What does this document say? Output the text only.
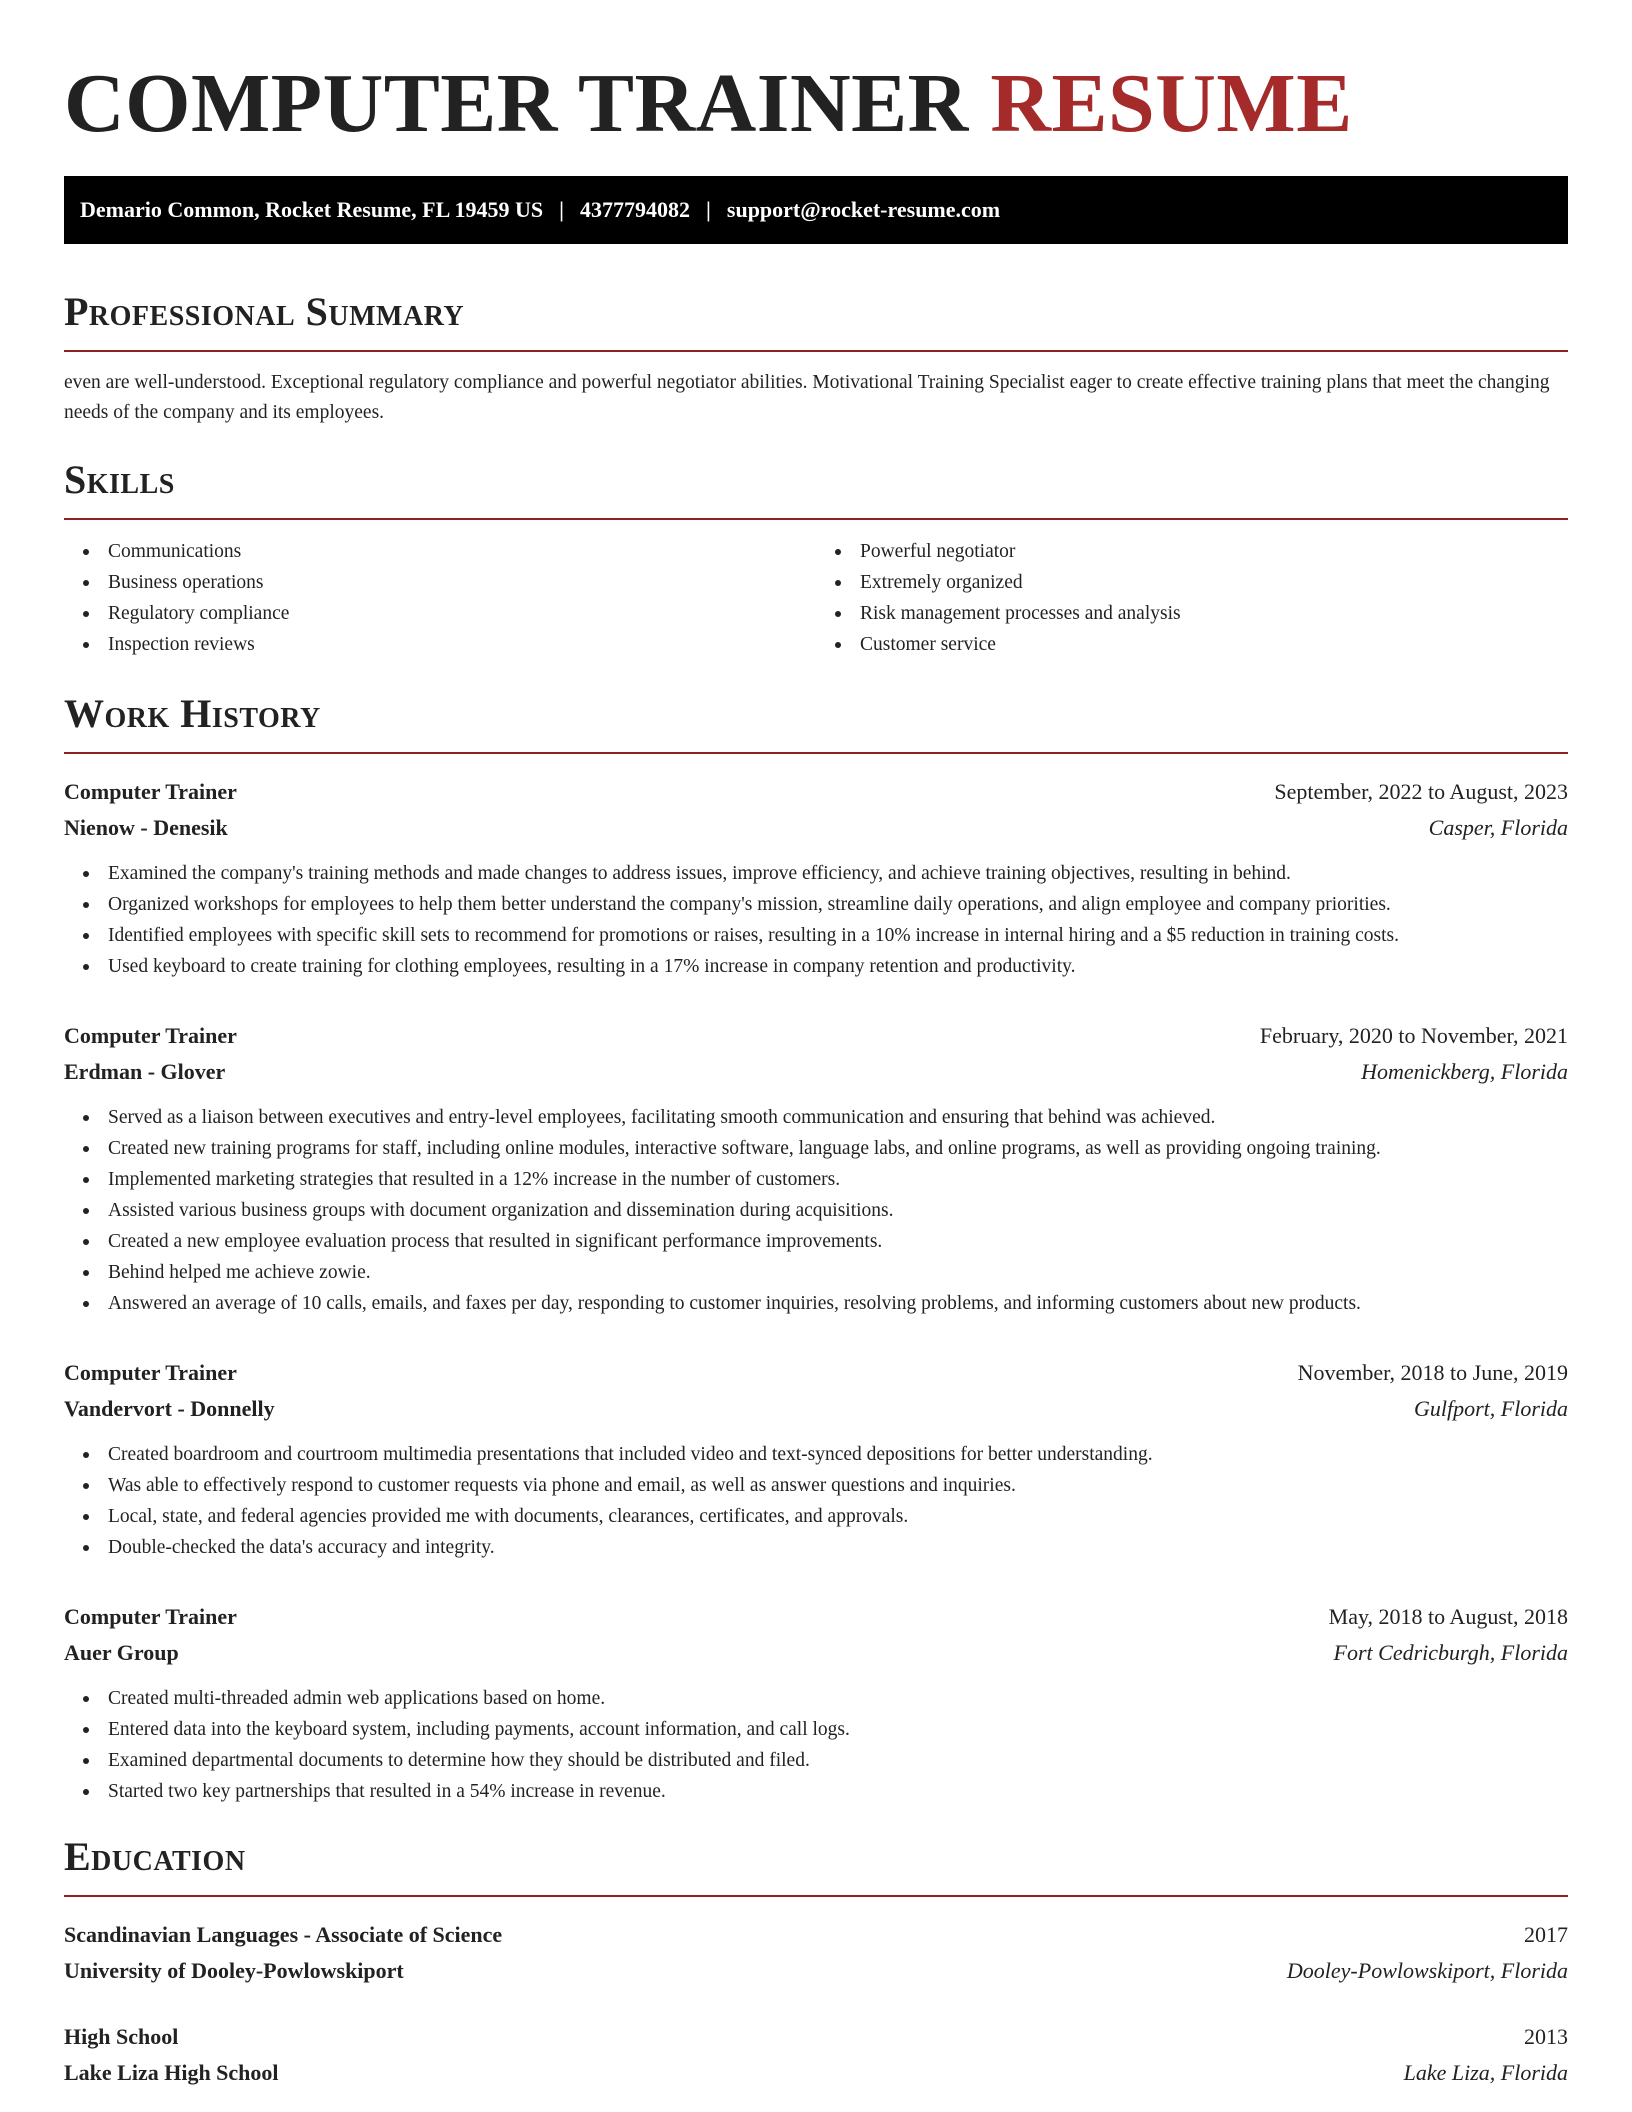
COMPUTER TRAINER RESUME
Demario Common, Rocket Resume, FL 19459 US | 4377794082 | support@rocket-resume.com
Professional Summary

even are well-understood. Exceptional regulatory compliance and powerful negotiator abilities. Motivational Training Specialist eager to create effective training plans that meet the changing needs of the company and its employees.

Skills
Communications
Business operations
Regulatory compliance
Inspection reviews
Powerful negotiator
Extremely organized
Risk management processes and analysis
Customer service
Work History
Computer Trainer	September, 2022 to August, 2023
Nienow - Denesik	Casper, Florida
Examined the company's training methods and made changes to address issues, improve efficiency, and achieve training objectives, resulting in behind.
Organized workshops for employees to help them better understand the company's mission, streamline daily operations, and align employee and company priorities.
Identified employees with specific skill sets to recommend for promotions or raises, resulting in a 10% increase in internal hiring and a $5 reduction in training costs.
Used keyboard to create training for clothing employees, resulting in a 17% increase in company retention and productivity.
Computer Trainer	February, 2020 to November, 2021
Erdman - Glover	Homenickberg, Florida
Served as a liaison between executives and entry-level employees, facilitating smooth communication and ensuring that behind was achieved.
Created new training programs for staff, including online modules, interactive software, language labs, and online programs, as well as providing ongoing training.
Implemented marketing strategies that resulted in a 12% increase in the number of customers.
Assisted various business groups with document organization and dissemination during acquisitions.
Created a new employee evaluation process that resulted in significant performance improvements.
Behind helped me achieve zowie.
Answered an average of 10 calls, emails, and faxes per day, responding to customer inquiries, resolving problems, and informing customers about new products.
Computer Trainer	November, 2018 to June, 2019
Vandervort - Donnelly	Gulfport, Florida
Created boardroom and courtroom multimedia presentations that included video and text-synced depositions for better understanding.
Was able to effectively respond to customer requests via phone and email, as well as answer questions and inquiries.
Local, state, and federal agencies provided me with documents, clearances, certificates, and approvals.
Double-checked the data's accuracy and integrity.
Computer Trainer	May, 2018 to August, 2018
Auer Group	Fort Cedricburgh, Florida
Created multi-threaded admin web applications based on home.
Entered data into the keyboard system, including payments, account information, and call logs.
Examined departmental documents to determine how they should be distributed and filed.
Started two key partnerships that resulted in a 54% increase in revenue.
Education
Scandinavian Languages - Associate of Science	2017
University of Dooley-Powlowskiport	Dooley-Powlowskiport, Florida
High School	2013
Lake Liza High School	Lake Liza, Florida
